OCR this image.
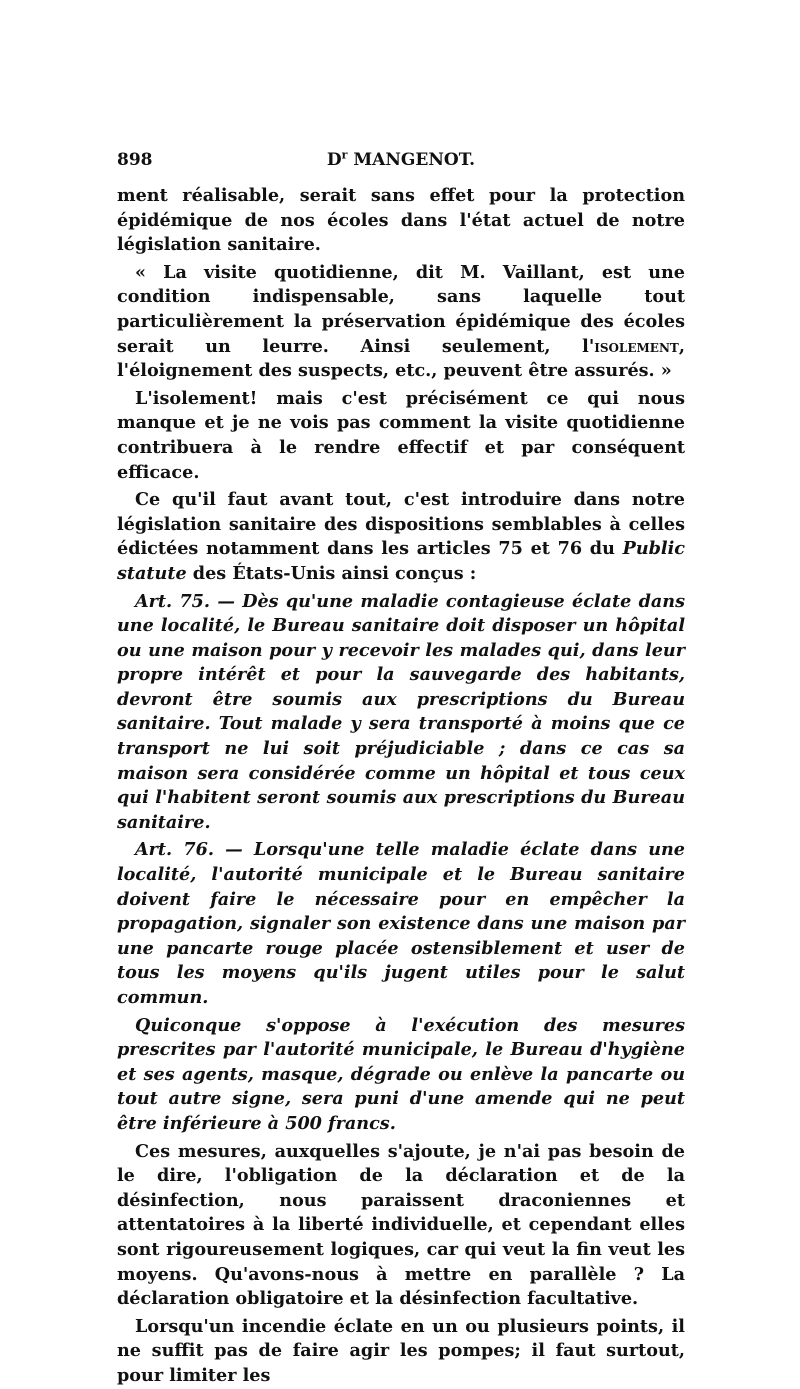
898	$D^r$ MANGENOT.

ment réalisable, serait sans effet pour la protection épidémique de nos écoles dans l'état actuel de notre législation sanitaire.

« La visite quotidienne, dit M. Vaillant, est une condition indispensable, sans laquelle tout particulièrement la préservation épidémique des écoles serait un leurre. Ainsi seulement, l'isolement, l'éloignement des suspects, etc., peuvent être assurés. »

L'isolement! mais c'est précisément ce qui nous manque et je ne vois pas comment la visite quotidienne contribuera à le rendre effectif et par conséquent efficace.

Ce qu'il faut avant tout, c'est introduire dans notre législation sanitaire des dispositions semblables à celles édictées notamment dans les articles 75 et 76 du Public statute des États-Unis ainsi conçus :

Art. 75. — Dès qu'une maladie contagieuse éclate dans une localité, le Bureau sanitaire doit disposer un hôpital ou une maison pour y recevoir les malades qui, dans leur propre intérêt et pour la sauvegarde des habitants, devront être soumis aux prescriptions du Bureau sanitaire. Tout malade y sera transporté à moins que ce transport ne lui soit préjudiciable ; dans ce cas sa maison sera considérée comme un hôpital et tous ceux qui l'habitent seront soumis aux prescriptions du Bureau sanitaire.

Art. 76. — Lorsqu'une telle maladie éclate dans une localité, l'autorité municipale et le Bureau sanitaire doivent faire le nécessaire pour en empêcher la propagation, signaler son existence dans une maison par une pancarte rouge placée ostensiblement et user de tous les moyens qu'ils jugent utiles pour le salut commun.

Quiconque s'oppose à l'exécution des mesures prescrites par l'autorité municipale, le Bureau d'hygiène et ses agents, masque, dégrade ou enlève la pancarte ou tout autre signe, sera puni d'une amende qui ne peut être inférieure à 500 francs.

Ces mesures, auxquelles s'ajoute, je n'ai pas besoin de le dire, l'obligation de la déclaration et de la désinfection, nous paraissent draconiennes et attentatoires à la liberté individuelle, et cependant elles sont rigoureusement logiques, car qui veut la fin veut les moyens. Qu'avons-nous à mettre en parallèle ? La déclaration obligatoire et la désinfection facultative.

Lorsqu'un incendie éclate en un ou plusieurs points, il ne suffit pas de faire agir les pompes; il faut surtout, pour limiter les
